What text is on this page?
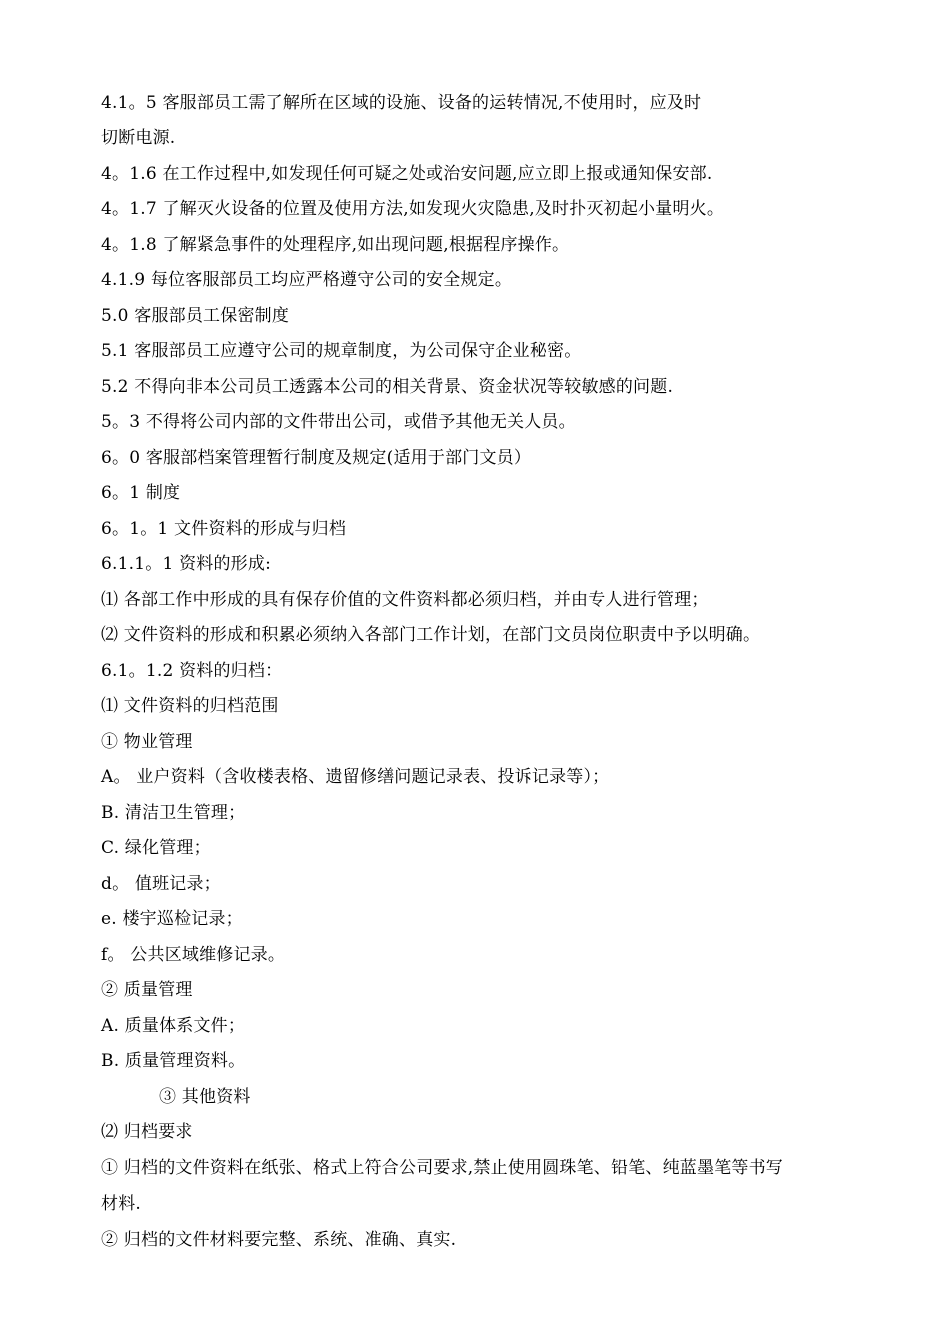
4.1。5 客服部员工需了解所在区域的设施、设备的运转情况,不使用时，应及时
切断电源.
4。1.6 在工作过程中,如发现任何可疑之处或治安问题,应立即上报或通知保安部.
4。1.7 了解灭火设备的位置及使用方法,如发现火灾隐患,及时扑灭初起小量明火。
4。1.8 了解紧急事件的处理程序,如出现问题,根据程序操作。
4.1.9 每位客服部员工均应严格遵守公司的安全规定。
5.0 客服部员工保密制度
5.1 客服部员工应遵守公司的规章制度，为公司保守企业秘密。
5.2 不得向非本公司员工透露本公司的相关背景、资金状况等较敏感的问题.
5。3 不得将公司内部的文件带出公司，或借予其他无关人员。
6。0 客服部档案管理暂行制度及规定(适用于部门文员）
6。1 制度
6。1。1 文件资料的形成与归档
6.1.1。1 资料的形成:
⑴ 各部工作中形成的具有保存价值的文件资料都必须归档，并由专人进行管理；
⑵ 文件资料的形成和积累必须纳入各部门工作计划，在部门文员岗位职责中予以明确。
6.1。1.2 资料的归档：
⑴ 文件资料的归档范围
① 物业管理
A。 业户资料（含收楼表格、遗留修缮问题记录表、投诉记录等）；
B. 清洁卫生管理；
C. 绿化管理；
d。 值班记录；
e. 楼宇巡检记录；
f。 公共区域维修记录。
② 质量管理
A. 质量体系文件；
B. 质量管理资料。
③ 其他资料
⑵ 归档要求
① 归档的文件资料在纸张、格式上符合公司要求,禁止使用圆珠笔、铅笔、纯蓝墨笔等书写
材料.
② 归档的文件材料要完整、系统、准确、真实.
